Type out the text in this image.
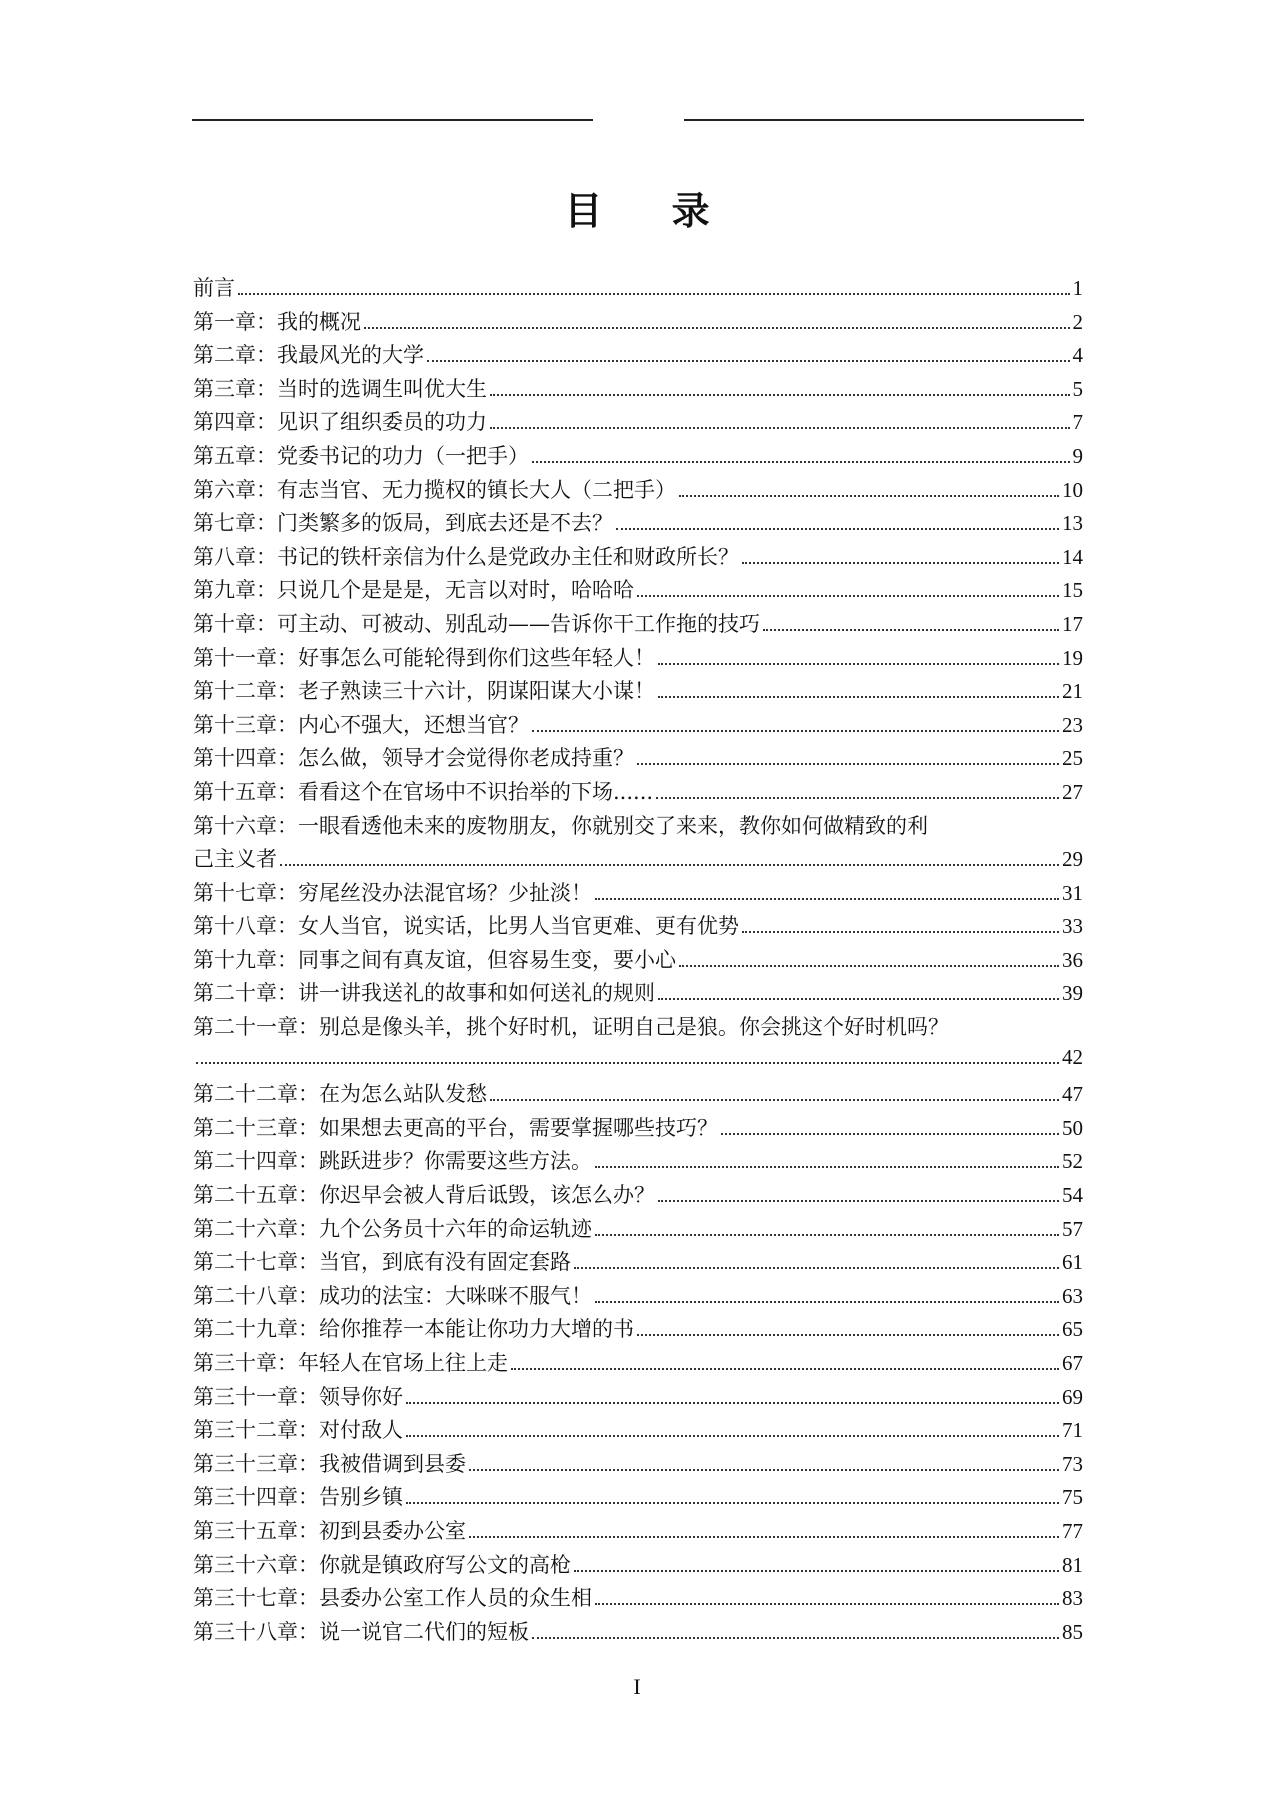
目 录
前言	1
第一章：我的概况	2
第二章：我最风光的大学	4
第三章：当时的选调生叫优大生	5
第四章：见识了组织委员的功力	7
第五章：党委书记的功力（一把手）	9
第六章：有志当官、无力揽权的镇长大人（二把手）	10
第七章：门类繁多的饭局，到底去还是不去？	13
第八章：书记的铁杆亲信为什么是党政办主任和财政所长？	14
第九章：只说几个是是是，无言以对时，哈哈哈	15
第十章：可主动、可被动、别乱动——告诉你干工作拖的技巧	17
第十一章：好事怎么可能轮得到你们这些年轻人！	19
第十二章：老子熟读三十六计，阴谋阳谋大小谋！	21
第十三章：内心不强大，还想当官？	23
第十四章：怎么做，领导才会觉得你老成持重？	25
第十五章：看看这个在官场中不识抬举的下场......	27
第十六章：一眼看透他未来的废物朋友，你就别交了来来，教你如何做精致的利
己主义者	29
第十七章：穷尾丝没办法混官场？少扯淡！	31
第十八章：女人当官，说实话，比男人当官更难、更有优势	33
第十九章：同事之间有真友谊，但容易生变，要小心	36
第二十章：讲一讲我送礼的故事和如何送礼的规则	39
第二十一章：别总是像头羊，挑个好时机，证明自己是狼。你会挑这个好时机吗？
42
第二十二章：在为怎么站队发愁	47
第二十三章：如果想去更高的平台，需要掌握哪些技巧？	50
第二十四章：跳跃进步？你需要这些方法。	52
第二十五章：你迟早会被人背后诋毁，该怎么办？	54
第二十六章：九个公务员十六年的命运轨迹	57
第二十七章：当官，到底有没有固定套路	61
第二十八章：成功的法宝：大咪咪不服气！	63
第二十九章：给你推荐一本能让你功力大增的书	65
第三十章：年轻人在官场上往上走	67
第三十一章：领导你好	69
第三十二章：对付敌人	71
第三十三章：我被借调到县委	73
第三十四章：告别乡镇	75
第三十五章：初到县委办公室	77
第三十六章：你就是镇政府写公文的高枪	81
第三十七章：县委办公室工作人员的众生相	83
第三十八章：说一说官二代们的短板	85
I
